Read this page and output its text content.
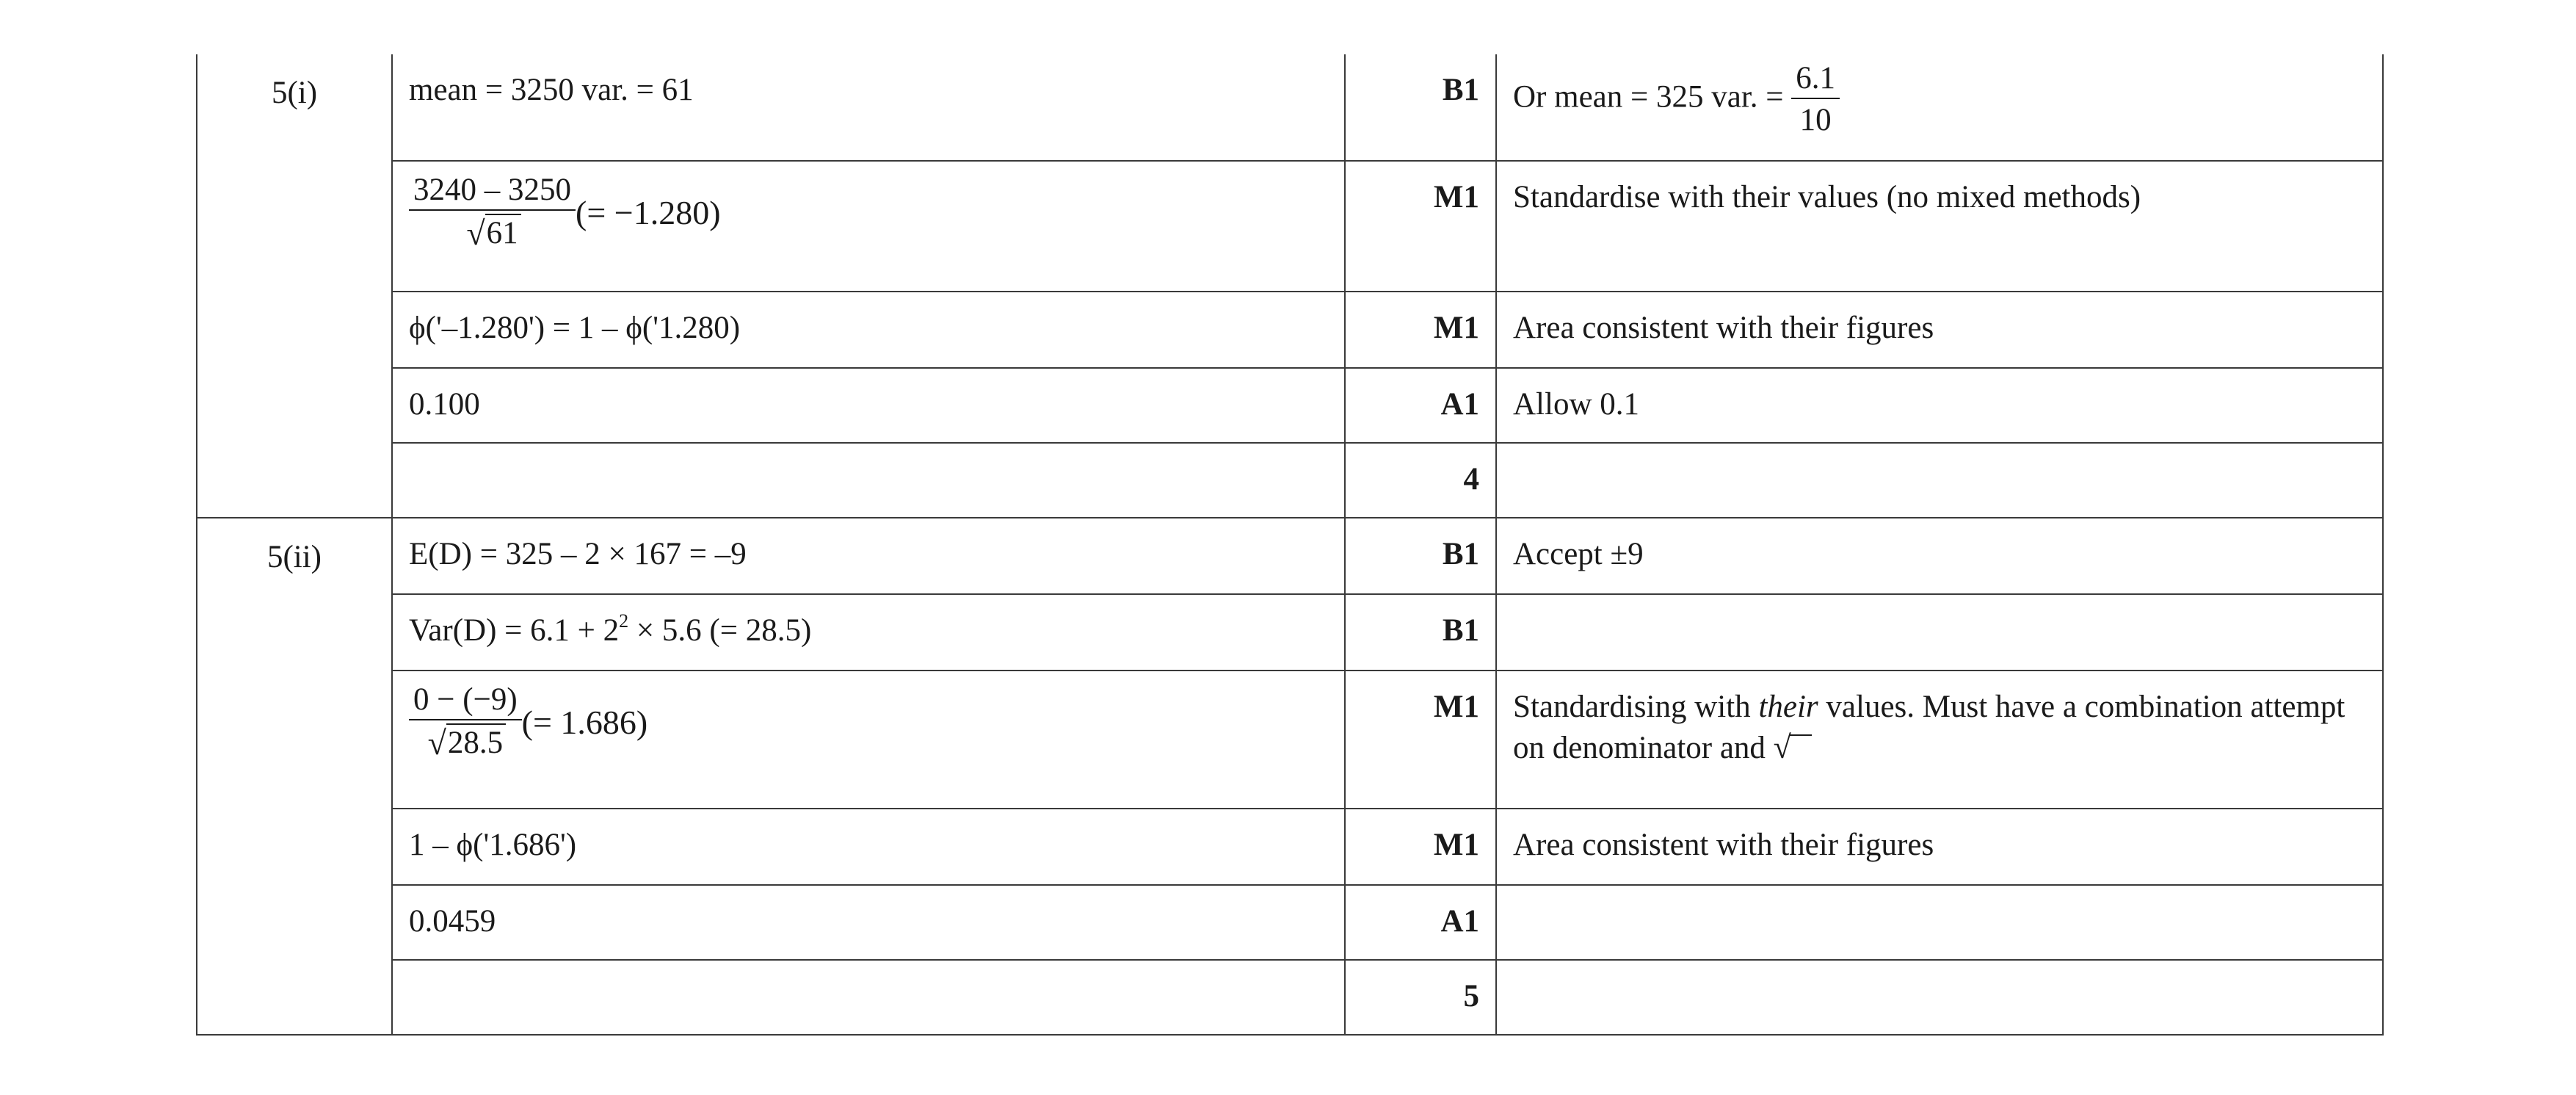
5(i)	mean = 3250 var. = 61	B1	Or mean = 325 var. = $\frac{6.1}{10}$

	$\frac{3240 - 3250}{√61}$ (= −1.280)	M1	Standardise with their values (no mixed methods)
	ϕ('–1.280') = 1 – ϕ('1.280)	M1	Area consistent with their figures
	0.100	A1	Allow 0.1
		4	
5(ii)	E(D) = 325 – 2 × 167 = –9	B1	Accept ±9
	$Var(D) = 6.1 + 2^2 \times 5.6$ (= 28.5)	B1	

	$\frac{0 - (-9)}{√28.5}$ (= 1.686)	M1	Standardising with their values. Must have a combination attempt on denominator and √
	1 – ϕ('1.686')	M1	Area consistent with their figures
	0.0459	A1	
		5	
